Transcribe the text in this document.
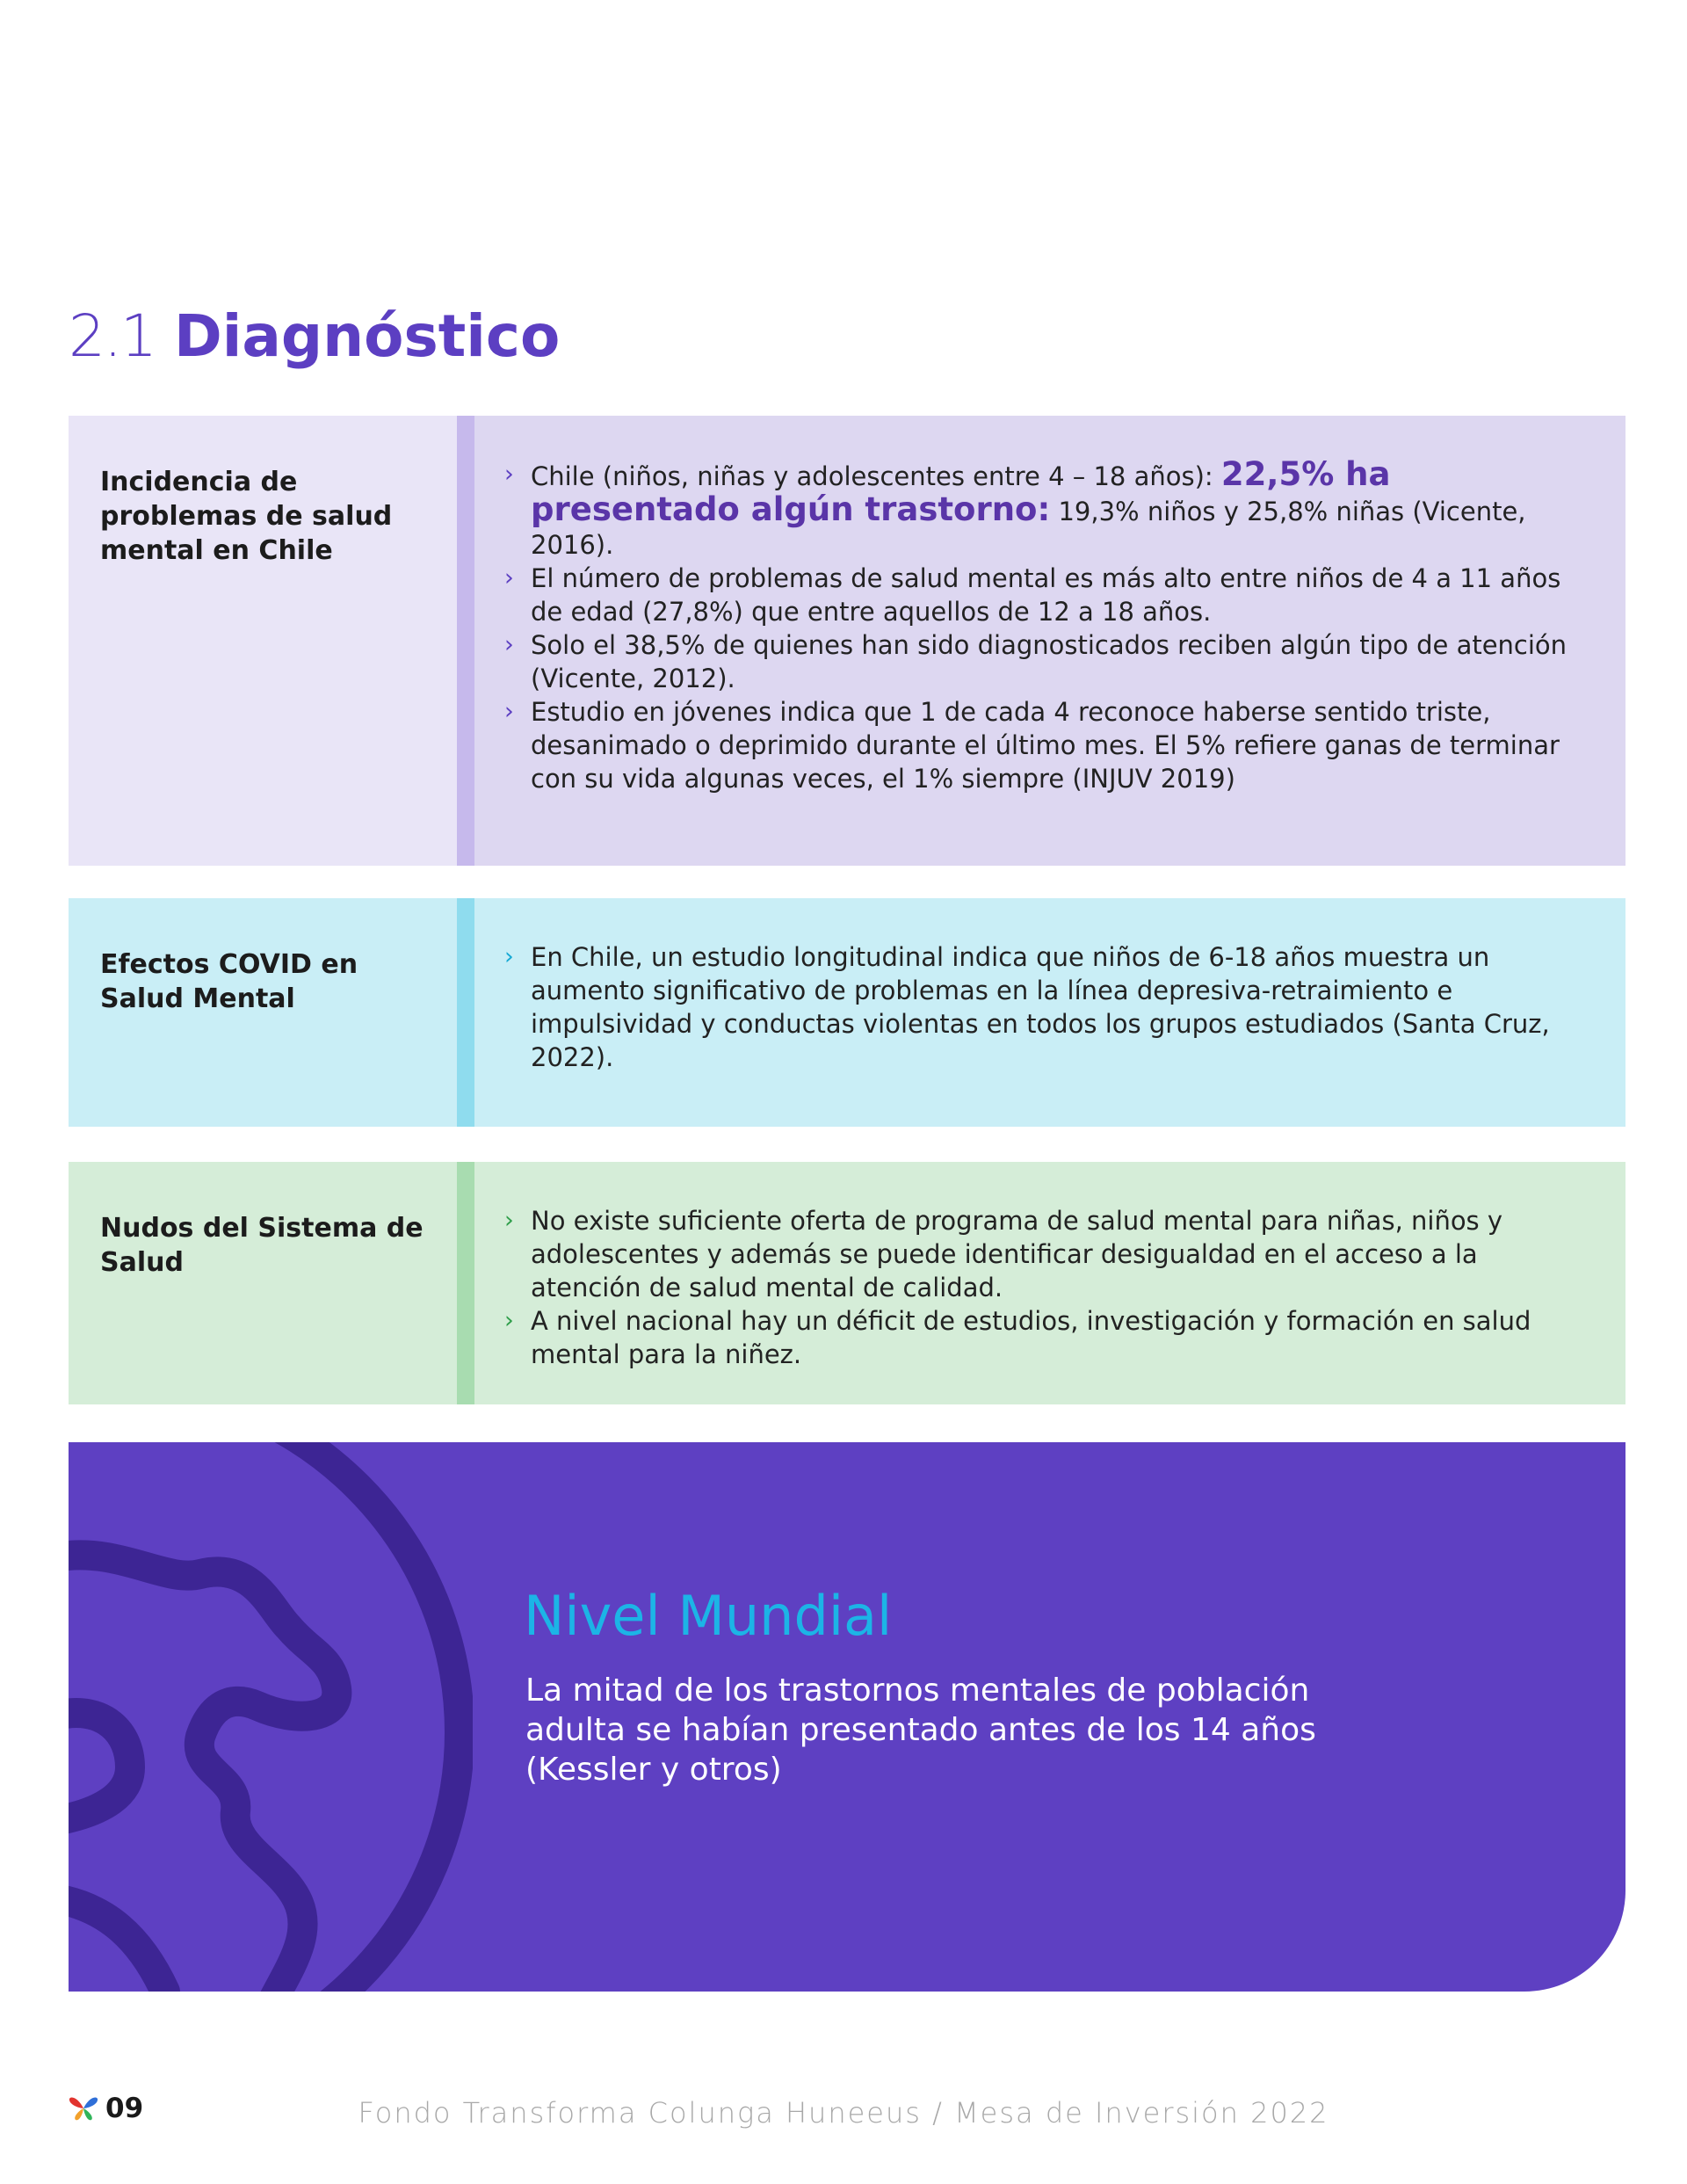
2.1 Diagnóstico
Incidencia de problemas de salud mental en Chile
› Chile (niños, niñas y adolescentes entre 4 – 18 años): 22,5% ha presentado algún trastorno: 19,3% niños y 25,8% niñas (Vicente, 2016).
› El número de problemas de salud mental es más alto entre niños de 4 a 11 años de edad (27,8%) que entre aquellos de 12 a 18 años.
› Solo el 38,5% de quienes han sido diagnosticados reciben algún tipo de atención (Vicente, 2012).
› Estudio en jóvenes indica que 1 de cada 4 reconoce haberse sentido triste, desanimado o deprimido durante el último mes. El 5% refiere ganas de terminar con su vida algunas veces, el 1% siempre (INJUV 2019)
Efectos COVID en Salud Mental
› En Chile, un estudio longitudinal indica que niños de 6-18 años muestra un aumento significativo de problemas en la línea depresiva-retraimiento e impulsividad y conductas violentas en todos los grupos estudiados (Santa Cruz, 2022).
Nudos del Sistema de Salud
› No existe suficiente oferta de programa de salud mental para niñas, niños y adolescentes y además se puede identificar desigualdad en el acceso a la atención de salud mental de calidad.
› A nivel nacional hay un déficit de estudios, investigación y formación en salud mental para la niñez.
Nivel Mundial
La mitad de los trastornos mentales de población adulta se habían presentado antes de los 14 años (Kessler y otros)
09	Fondo Transforma Colunga Huneeus / Mesa de Inversión 2022
